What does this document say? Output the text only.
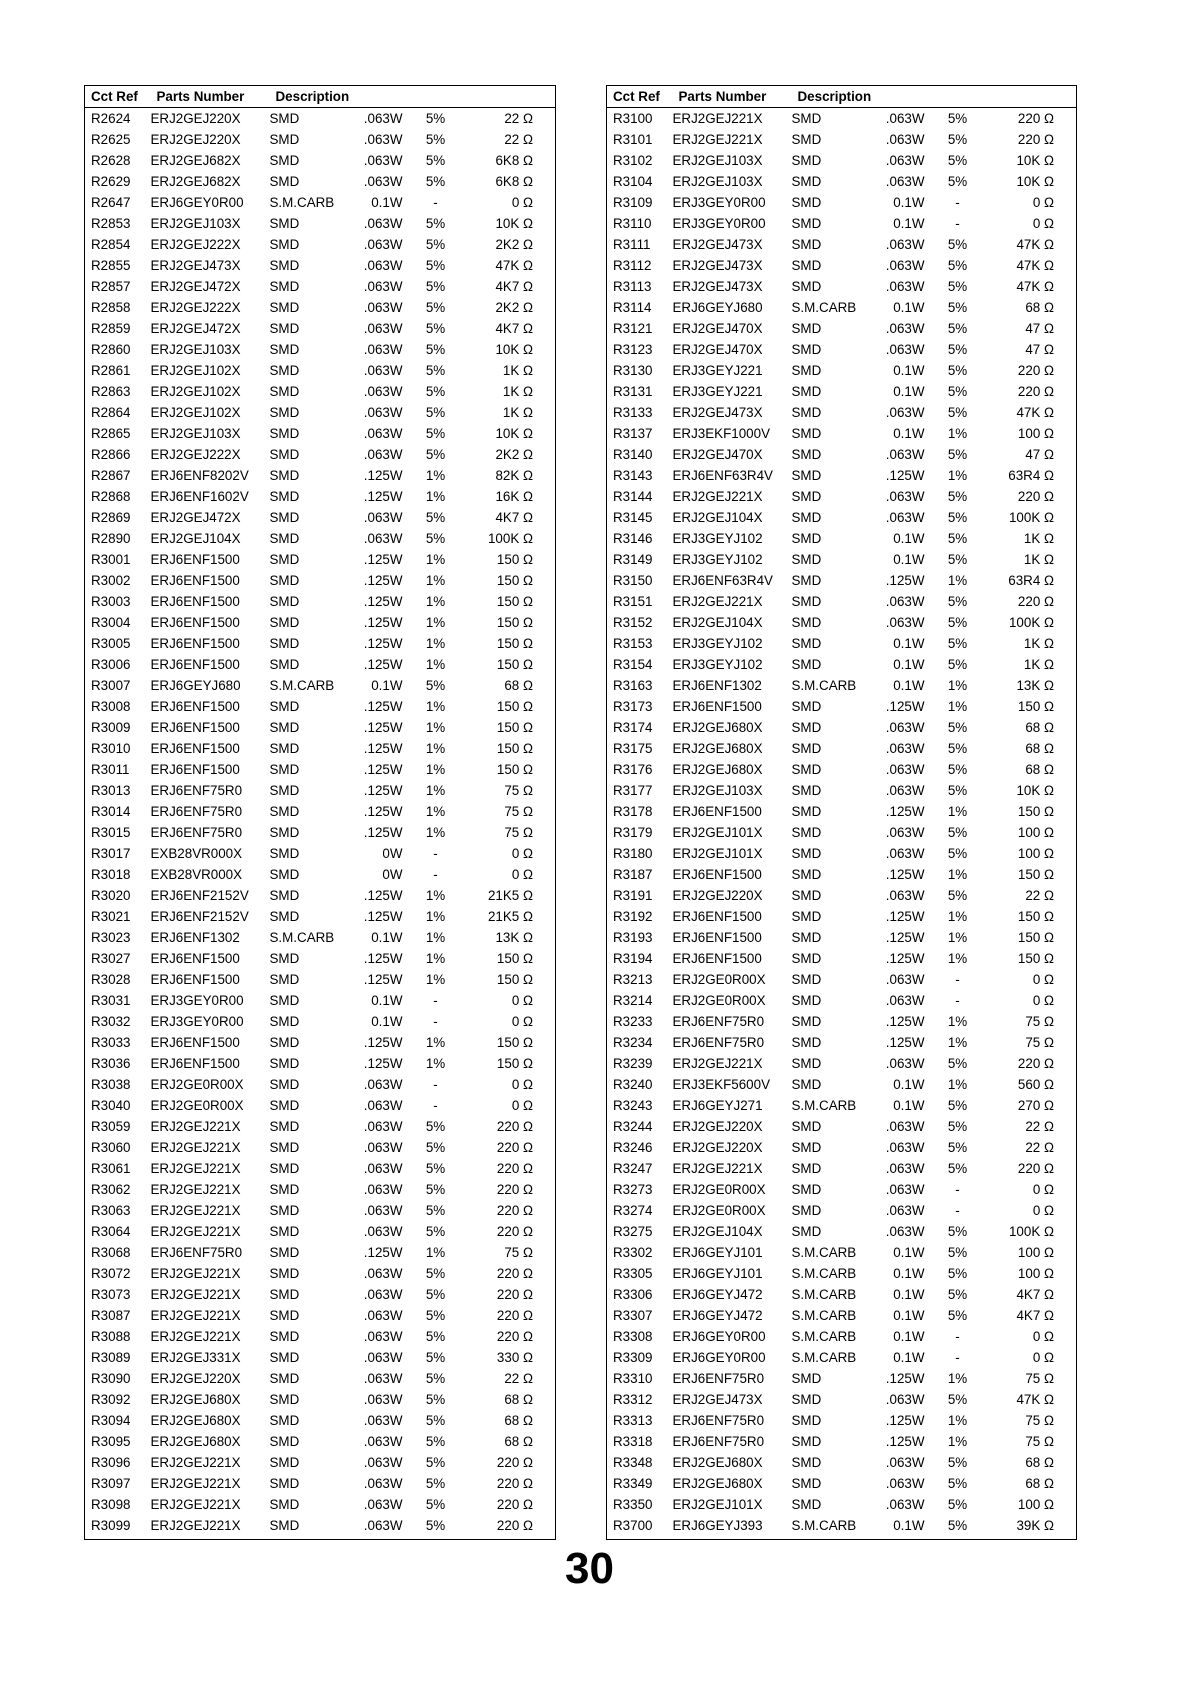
Cct Ref	Parts Number	Description			
R2624	ERJ2GEJ220X	SMD	.063W	5%	22 Ω
R2625	ERJ2GEJ220X	SMD	.063W	5%	22 Ω
R2628	ERJ2GEJ682X	SMD	.063W	5%	6K8 Ω
R2629	ERJ2GEJ682X	SMD	.063W	5%	6K8 Ω
R2647	ERJ6GEY0R00	S.M.CARB	0.1W	-	0 Ω
R2853	ERJ2GEJ103X	SMD	.063W	5%	10K Ω
R2854	ERJ2GEJ222X	SMD	.063W	5%	2K2 Ω
R2855	ERJ2GEJ473X	SMD	.063W	5%	47K Ω
R2857	ERJ2GEJ472X	SMD	.063W	5%	4K7 Ω
R2858	ERJ2GEJ222X	SMD	.063W	5%	2K2 Ω
R2859	ERJ2GEJ472X	SMD	.063W	5%	4K7 Ω
R2860	ERJ2GEJ103X	SMD	.063W	5%	10K Ω
R2861	ERJ2GEJ102X	SMD	.063W	5%	1K Ω
R2863	ERJ2GEJ102X	SMD	.063W	5%	1K Ω
R2864	ERJ2GEJ102X	SMD	.063W	5%	1K Ω
R2865	ERJ2GEJ103X	SMD	.063W	5%	10K Ω
R2866	ERJ2GEJ222X	SMD	.063W	5%	2K2 Ω
R2867	ERJ6ENF8202V	SMD	.125W	1%	82K Ω
R2868	ERJ6ENF1602V	SMD	.125W	1%	16K Ω
R2869	ERJ2GEJ472X	SMD	.063W	5%	4K7 Ω
R2890	ERJ2GEJ104X	SMD	.063W	5%	100K Ω
R3001	ERJ6ENF1500	SMD	.125W	1%	150 Ω
R3002	ERJ6ENF1500	SMD	.125W	1%	150 Ω
R3003	ERJ6ENF1500	SMD	.125W	1%	150 Ω
R3004	ERJ6ENF1500	SMD	.125W	1%	150 Ω
R3005	ERJ6ENF1500	SMD	.125W	1%	150 Ω
R3006	ERJ6ENF1500	SMD	.125W	1%	150 Ω
R3007	ERJ6GEYJ680	S.M.CARB	0.1W	5%	68 Ω
R3008	ERJ6ENF1500	SMD	.125W	1%	150 Ω
R3009	ERJ6ENF1500	SMD	.125W	1%	150 Ω
R3010	ERJ6ENF1500	SMD	.125W	1%	150 Ω
R3011	ERJ6ENF1500	SMD	.125W	1%	150 Ω
R3013	ERJ6ENF75R0	SMD	.125W	1%	75 Ω
R3014	ERJ6ENF75R0	SMD	.125W	1%	75 Ω
R3015	ERJ6ENF75R0	SMD	.125W	1%	75 Ω
R3017	EXB28VR000X	SMD	0W	-	0 Ω
R3018	EXB28VR000X	SMD	0W	-	0 Ω
R3020	ERJ6ENF2152V	SMD	.125W	1%	21K5 Ω
R3021	ERJ6ENF2152V	SMD	.125W	1%	21K5 Ω
R3023	ERJ6ENF1302	S.M.CARB	0.1W	1%	13K Ω
R3027	ERJ6ENF1500	SMD	.125W	1%	150 Ω
R3028	ERJ6ENF1500	SMD	.125W	1%	150 Ω
R3031	ERJ3GEY0R00	SMD	0.1W	-	0 Ω
R3032	ERJ3GEY0R00	SMD	0.1W	-	0 Ω
R3033	ERJ6ENF1500	SMD	.125W	1%	150 Ω
R3036	ERJ6ENF1500	SMD	.125W	1%	150 Ω
R3038	ERJ2GE0R00X	SMD	.063W	-	0 Ω
R3040	ERJ2GE0R00X	SMD	.063W	-	0 Ω
R3059	ERJ2GEJ221X	SMD	.063W	5%	220 Ω
R3060	ERJ2GEJ221X	SMD	.063W	5%	220 Ω
R3061	ERJ2GEJ221X	SMD	.063W	5%	220 Ω
R3062	ERJ2GEJ221X	SMD	.063W	5%	220 Ω
R3063	ERJ2GEJ221X	SMD	.063W	5%	220 Ω
R3064	ERJ2GEJ221X	SMD	.063W	5%	220 Ω
R3068	ERJ6ENF75R0	SMD	.125W	1%	75 Ω
R3072	ERJ2GEJ221X	SMD	.063W	5%	220 Ω
R3073	ERJ2GEJ221X	SMD	.063W	5%	220 Ω
R3087	ERJ2GEJ221X	SMD	.063W	5%	220 Ω
R3088	ERJ2GEJ221X	SMD	.063W	5%	220 Ω
R3089	ERJ2GEJ331X	SMD	.063W	5%	330 Ω
R3090	ERJ2GEJ220X	SMD	.063W	5%	22 Ω
R3092	ERJ2GEJ680X	SMD	.063W	5%	68 Ω
R3094	ERJ2GEJ680X	SMD	.063W	5%	68 Ω
R3095	ERJ2GEJ680X	SMD	.063W	5%	68 Ω
R3096	ERJ2GEJ221X	SMD	.063W	5%	220 Ω
R3097	ERJ2GEJ221X	SMD	.063W	5%	220 Ω
R3098	ERJ2GEJ221X	SMD	.063W	5%	220 Ω
R3099	ERJ2GEJ221X	SMD	.063W	5%	220 Ω
Cct Ref	Parts Number	Description			
R3100	ERJ2GEJ221X	SMD	.063W	5%	220 Ω
R3101	ERJ2GEJ221X	SMD	.063W	5%	220 Ω
R3102	ERJ2GEJ103X	SMD	.063W	5%	10K Ω
R3104	ERJ2GEJ103X	SMD	.063W	5%	10K Ω
R3109	ERJ3GEY0R00	SMD	0.1W	-	0 Ω
R3110	ERJ3GEY0R00	SMD	0.1W	-	0 Ω
R3111	ERJ2GEJ473X	SMD	.063W	5%	47K Ω
R3112	ERJ2GEJ473X	SMD	.063W	5%	47K Ω
R3113	ERJ2GEJ473X	SMD	.063W	5%	47K Ω
R3114	ERJ6GEYJ680	S.M.CARB	0.1W	5%	68 Ω
R3121	ERJ2GEJ470X	SMD	.063W	5%	47 Ω
R3123	ERJ2GEJ470X	SMD	.063W	5%	47 Ω
R3130	ERJ3GEYJ221	SMD	0.1W	5%	220 Ω
R3131	ERJ3GEYJ221	SMD	0.1W	5%	220 Ω
R3133	ERJ2GEJ473X	SMD	.063W	5%	47K Ω
R3137	ERJ3EKF1000V	SMD	0.1W	1%	100 Ω
R3140	ERJ2GEJ470X	SMD	.063W	5%	47 Ω
R3143	ERJ6ENF63R4V	SMD	.125W	1%	63R4 Ω
R3144	ERJ2GEJ221X	SMD	.063W	5%	220 Ω
R3145	ERJ2GEJ104X	SMD	.063W	5%	100K Ω
R3146	ERJ3GEYJ102	SMD	0.1W	5%	1K Ω
R3149	ERJ3GEYJ102	SMD	0.1W	5%	1K Ω
R3150	ERJ6ENF63R4V	SMD	.125W	1%	63R4 Ω
R3151	ERJ2GEJ221X	SMD	.063W	5%	220 Ω
R3152	ERJ2GEJ104X	SMD	.063W	5%	100K Ω
R3153	ERJ3GEYJ102	SMD	0.1W	5%	1K Ω
R3154	ERJ3GEYJ102	SMD	0.1W	5%	1K Ω
R3163	ERJ6ENF1302	S.M.CARB	0.1W	1%	13K Ω
R3173	ERJ6ENF1500	SMD	.125W	1%	150 Ω
R3174	ERJ2GEJ680X	SMD	.063W	5%	68 Ω
R3175	ERJ2GEJ680X	SMD	.063W	5%	68 Ω
R3176	ERJ2GEJ680X	SMD	.063W	5%	68 Ω
R3177	ERJ2GEJ103X	SMD	.063W	5%	10K Ω
R3178	ERJ6ENF1500	SMD	.125W	1%	150 Ω
R3179	ERJ2GEJ101X	SMD	.063W	5%	100 Ω
R3180	ERJ2GEJ101X	SMD	.063W	5%	100 Ω
R3187	ERJ6ENF1500	SMD	.125W	1%	150 Ω
R3191	ERJ2GEJ220X	SMD	.063W	5%	22 Ω
R3192	ERJ6ENF1500	SMD	.125W	1%	150 Ω
R3193	ERJ6ENF1500	SMD	.125W	1%	150 Ω
R3194	ERJ6ENF1500	SMD	.125W	1%	150 Ω
R3213	ERJ2GE0R00X	SMD	.063W	-	0 Ω
R3214	ERJ2GE0R00X	SMD	.063W	-	0 Ω
R3233	ERJ6ENF75R0	SMD	.125W	1%	75 Ω
R3234	ERJ6ENF75R0	SMD	.125W	1%	75 Ω
R3239	ERJ2GEJ221X	SMD	.063W	5%	220 Ω
R3240	ERJ3EKF5600V	SMD	0.1W	1%	560 Ω
R3243	ERJ6GEYJ271	S.M.CARB	0.1W	5%	270 Ω
R3244	ERJ2GEJ220X	SMD	.063W	5%	22 Ω
R3246	ERJ2GEJ220X	SMD	.063W	5%	22 Ω
R3247	ERJ2GEJ221X	SMD	.063W	5%	220 Ω
R3273	ERJ2GE0R00X	SMD	.063W	-	0 Ω
R3274	ERJ2GE0R00X	SMD	.063W	-	0 Ω
R3275	ERJ2GEJ104X	SMD	.063W	5%	100K Ω
R3302	ERJ6GEYJ101	S.M.CARB	0.1W	5%	100 Ω
R3305	ERJ6GEYJ101	S.M.CARB	0.1W	5%	100 Ω
R3306	ERJ6GEYJ472	S.M.CARB	0.1W	5%	4K7 Ω
R3307	ERJ6GEYJ472	S.M.CARB	0.1W	5%	4K7 Ω
R3308	ERJ6GEY0R00	S.M.CARB	0.1W	-	0 Ω
R3309	ERJ6GEY0R00	S.M.CARB	0.1W	-	0 Ω
R3310	ERJ6ENF75R0	SMD	.125W	1%	75 Ω
R3312	ERJ2GEJ473X	SMD	.063W	5%	47K Ω
R3313	ERJ6ENF75R0	SMD	.125W	1%	75 Ω
R3318	ERJ6ENF75R0	SMD	.125W	1%	75 Ω
R3348	ERJ2GEJ680X	SMD	.063W	5%	68 Ω
R3349	ERJ2GEJ680X	SMD	.063W	5%	68 Ω
R3350	ERJ2GEJ101X	SMD	.063W	5%	100 Ω
R3700	ERJ6GEYJ393	S.M.CARB	0.1W	5%	39K Ω
30
